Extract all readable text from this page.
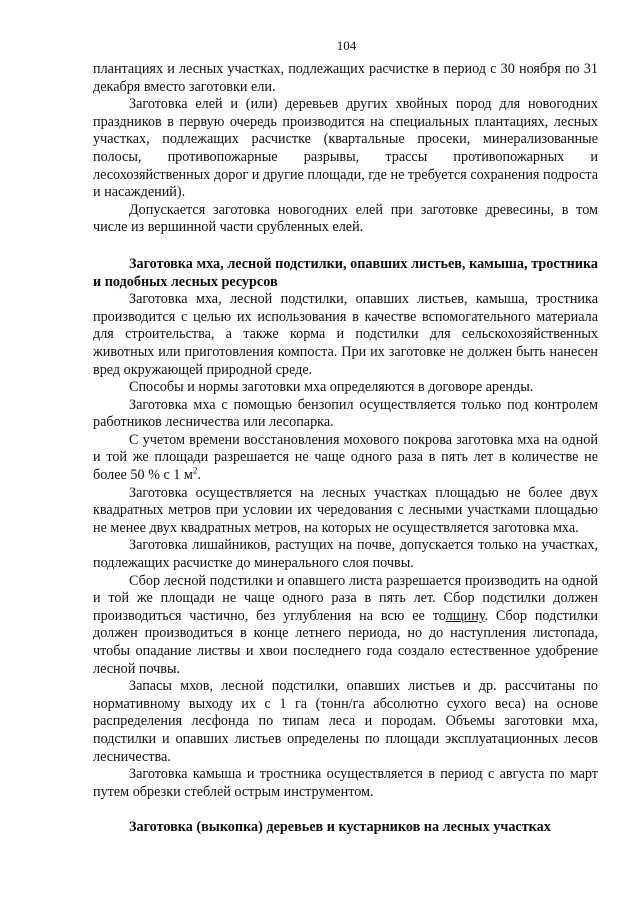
104

плантациях и лесных участках, подлежащих расчистке в период с 30 ноября по 31 декабря вместо заготовки ели.

Заготовка елей и (или) деревьев других хвойных пород для новогодних праздников в первую очередь производится на специальных плантациях, лесных участках, подлежащих расчистке (квартальные просеки, минерализованные полосы, противопожарные разрывы, трассы противопожарных и лесохозяйственных дорог и другие площади, где не требуется сохранения подроста и насаждений).

Допускается заготовка новогодних елей при заготовке древесины, в том числе из вершинной части срубленных елей.

Заготовка мха, лесной подстилки, опавших листьев, камыша, тростника и подобных лесных ресурсов

Заготовка мха, лесной подстилки, опавших листьев, камыша, тростника производится с целью их использования в качестве вспомогательного материала для строительства, а также корма и подстилки для сельскохозяйственных животных или приготовления компоста. При их заготовке не должен быть нанесен вред окружающей природной среде.

Способы и нормы заготовки мха определяются в договоре аренды.

Заготовка мха с помощью бензопил осуществляется только под контролем работников лесничества или лесопарка.

С учетом времени восстановления мохового покрова заготовка мха на одной и той же площади разрешается не чаще одного раза в пять лет в количестве не более 50 % с 1 $м^2$.

Заготовка осуществляется на лесных участках площадью не более двух квадратных метров при условии их чередования с лесными участками площадью не менее двух квадратных метров, на которых не осуществляется заготовка мха.

Заготовка лишайников, растущих на почве, допускается только на участках, подлежащих расчистке до минерального слоя почвы.

Сбор лесной подстилки и опавшего листа разрешается производить на одной и той же площади не чаще одного раза в пять лет. Сбор подстилки должен производиться частично, без углубления на всю ее толщину. Сбор подстилки должен производиться в конце летнего периода, но до наступления листопада, чтобы опадание листвы и хвои последнего года создало естественное удобрение лесной почвы.

Запасы мхов, лесной подстилки, опавших листьев и др. рассчитаны по нормативному выходу их с 1 га (тонн/га абсолютно сухого веса) на основе распределения лесфонда по типам леса и породам. Объемы заготовки мха, подстилки и опавших листьев определены по площади эксплуатационных лесов лесничества.

Заготовка камыша и тростника осуществляется в период с августа по март путем обрезки стеблей острым инструментом.

Заготовка (выкопка) деревьев и кустарников на лесных участках
